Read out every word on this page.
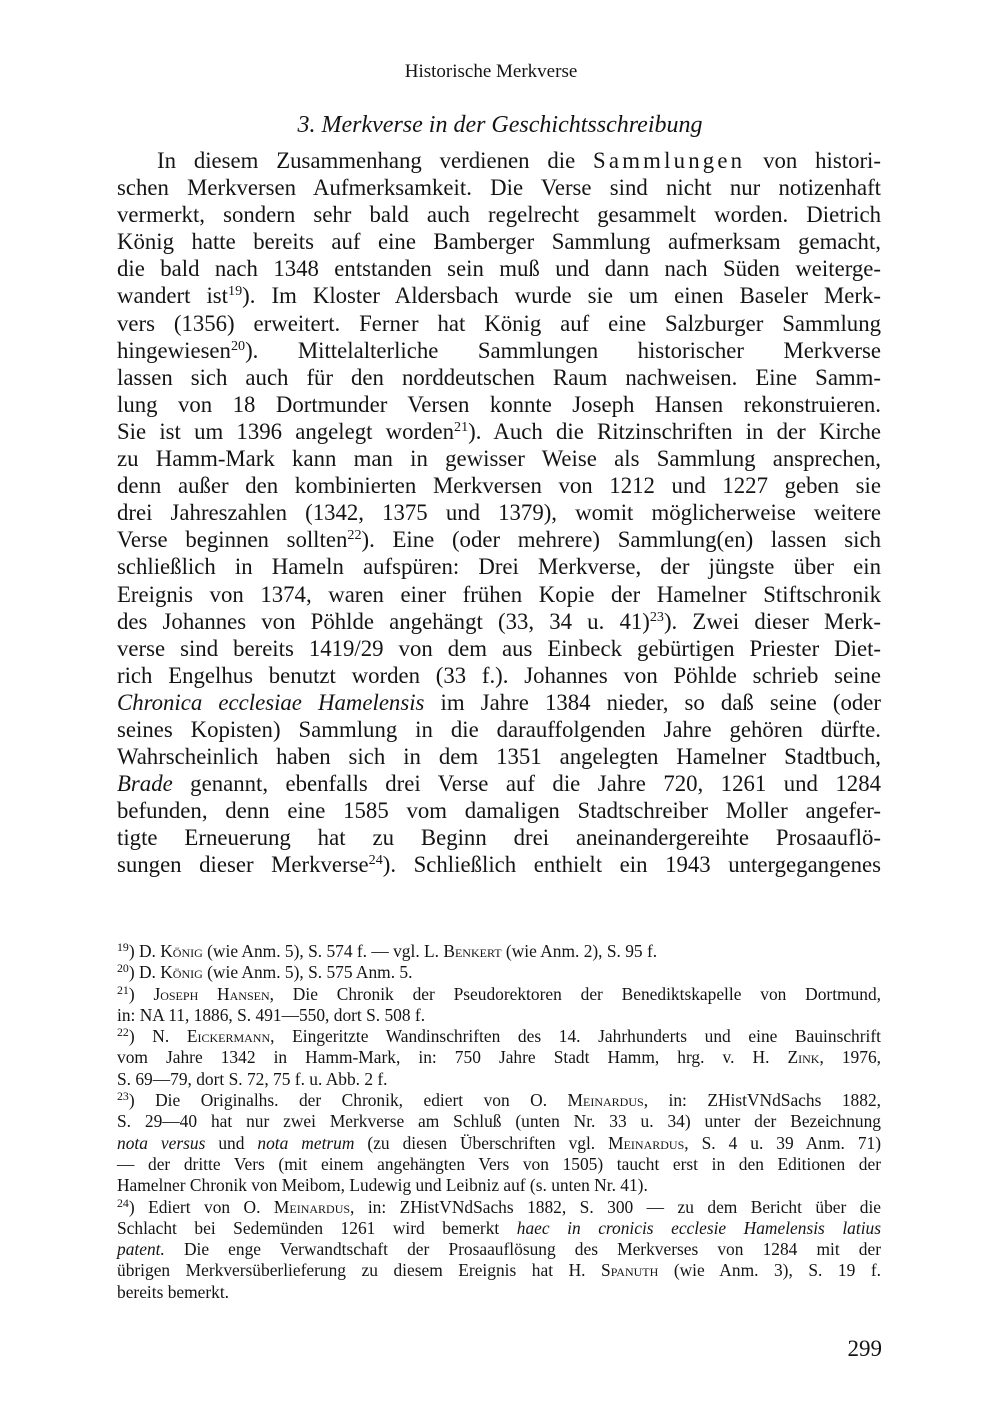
Historische Merkverse
3. Merkverse in der Geschichtsschreibung
In diesem Zusammenhang verdienen die Sammlungen von histori-
schen Merkversen Aufmerksamkeit. Die Verse sind nicht nur notizenhaft
vermerkt, sondern sehr bald auch regelrecht gesammelt worden. Dietrich
König hatte bereits auf eine Bamberger Sammlung aufmerksam gemacht,
die bald nach 1348 entstanden sein muß und dann nach Süden weiterge-
wandert ist$^{19}$). Im Kloster Aldersbach wurde sie um einen Baseler Merk-
vers (1356) erweitert. Ferner hat König auf eine Salzburger Sammlung
hingewiesen$^{20}$). Mittelalterliche Sammlungen historischer Merkverse
lassen sich auch für den norddeutschen Raum nachweisen. Eine Samm-
lung von 18 Dortmunder Versen konnte Joseph Hansen rekonstruieren.
Sie ist um 1396 angelegt worden$^{21}$). Auch die Ritzinschriften in der Kirche
zu Hamm-Mark kann man in gewisser Weise als Sammlung ansprechen,
denn außer den kombinierten Merkversen von 1212 und 1227 geben sie
drei Jahreszahlen (1342, 1375 und 1379), womit möglicherweise weitere
Verse beginnen sollten$^{22}$). Eine (oder mehrere) Sammlung(en) lassen sich
schließlich in Hameln aufspüren: Drei Merkverse, der jüngste über ein
Ereignis von 1374, waren einer frühen Kopie der Hamelner Stiftschronik
des Johannes von Pöhlde angehängt (33, 34 u. 41)$^{23}$). Zwei dieser Merk-
verse sind bereits 1419/29 von dem aus Einbeck gebürtigen Priester Diet-
rich Engelhus benutzt worden (33 f.). Johannes von Pöhlde schrieb seine
Chronica ecclesiae Hamelensis im Jahre 1384 nieder, so daß seine (oder
seines Kopisten) Sammlung in die darauffolgenden Jahre gehören dürfte.
Wahrscheinlich haben sich in dem 1351 angelegten Hamelner Stadtbuch,
Brade genannt, ebenfalls drei Verse auf die Jahre 720, 1261 und 1284
befunden, denn eine 1585 vom damaligen Stadtschreiber Moller angefer-
tigte Erneuerung hat zu Beginn drei aneinandergereihte Prosaauflö-
sungen dieser Merkverse$^{24}$). Schließlich enthielt ein 1943 untergegangenes
$^{19}$) D. König (wie Anm. 5), S. 574 f. — vgl. L. Benkert (wie Anm. 2), S. 95 f.
$^{20}$) D. König (wie Anm. 5), S. 575 Anm. 5.
$^{21}$) Joseph Hansen, Die Chronik der Pseudorektoren der Benediktskapelle von Dortmund,
in: NA 11, 1886, S. 491—550, dort S. 508 f.
$^{22}$) N. Eickermann, Eingeritzte Wandinschriften des 14. Jahrhunderts und eine Bauinschrift
vom Jahre 1342 in Hamm-Mark, in: 750 Jahre Stadt Hamm, hrg. v. H. Zink, 1976,
S. 69—79, dort S. 72, 75 f. u. Abb. 2 f.
$^{23}$) Die Originalhs. der Chronik, ediert von O. Meinardus, in: ZHistVNdSachs 1882,
S. 29—40 hat nur zwei Merkverse am Schluß (unten Nr. 33 u. 34) unter der Bezeichnung
nota versus und nota metrum (zu diesen Überschriften vgl. Meinardus, S. 4 u. 39 Anm. 71)
— der dritte Vers (mit einem angehängten Vers von 1505) taucht erst in den Editionen der
Hamelner Chronik von Meibom, Ludewig und Leibniz auf (s. unten Nr. 41).
$^{24}$) Ediert von O. Meinardus, in: ZHistVNdSachs 1882, S. 300 — zu dem Bericht über die
Schlacht bei Sedemünden 1261 wird bemerkt haec in cronicis ecclesie Hamelensis latius
patent. Die enge Verwandtschaft der Prosaauflösung des Merkverses von 1284 mit der
übrigen Merkversüberlieferung zu diesem Ereignis hat H. Spanuth (wie Anm. 3), S. 19 f.
bereits bemerkt.
299
